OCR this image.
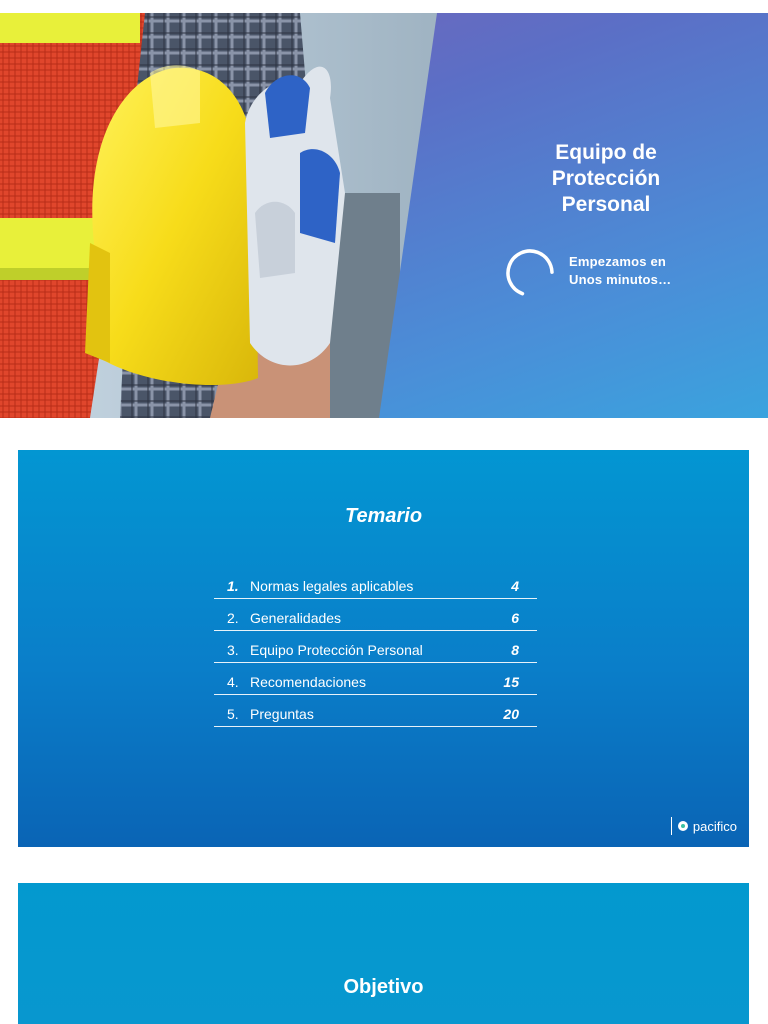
Equipo de
Protección
Personal
Empezamos en
Unos minutos…
Temario
1. Normas legales aplicables	4
2. Generalidades	6
3. Equipo Protección Personal	8
4. Recomendaciones	15
5. Preguntas	20
pacifico
Objetivo
